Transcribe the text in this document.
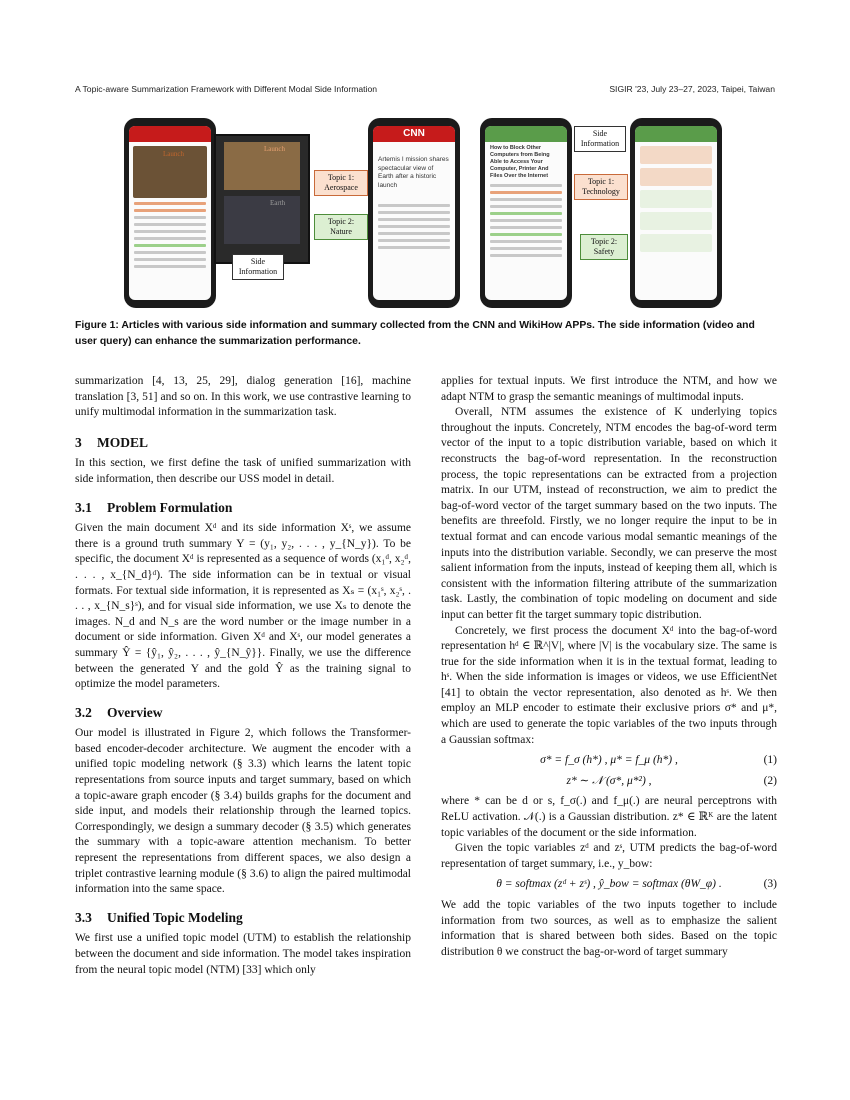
A Topic-aware Summarization Framework with Different Modal Side Information	SIGIR '23, July 23–27, 2023, Taipei, Taiwan
Launch
Launch
Earth
CNN
Artemis I mission shares spectacular view of Earth after a historic launch
How to Block Other Computers from Being Able to Access Your Computer, Printer And Files Over the Internet
Topic 1:
Aerospace
Topic 2:
Nature
Side
Information
Side
Information
Topic 1:
Technology
Topic 2:
Safety
Figure 1: Articles with various side information and summary collected from the CNN and WikiHow APPs. The side information (video and user query) can enhance the summarization performance.

summarization [4, 13, 25, 29], dialog generation [16], machine translation [3, 51] and so on. In this work, we use contrastive learning to unify multimodal information in the summarization task.

3 MODEL

In this section, we first define the task of unified summarization with side information, then describe our USS model in detail.

3.1 Problem Formulation

Given the main document Xᵈ and its side information Xˢ, we assume there is a ground truth summary Y = (y₁, y₂, . . . , y_{N_y}). To be specific, the document Xᵈ is represented as a sequence of words (x₁ᵈ, x₂ᵈ, . . . , x_{N_d}ᵈ). The side information can be in textual or visual formats. For textual side information, it is represented as Xₛ = (x₁ˢ, x₂ˢ, . . . , x_{N_s}ˢ), and for visual side information, we use Xₛ to denote the images. N_d and N_s are the word number or the image number in a document or side information. Given Xᵈ and Xˢ, our model generates a summary Ŷ = {ŷ₁, ŷ₂, . . . , ŷ_{N_ŷ}}. Finally, we use the difference between the generated Y and the gold Ŷ as the training signal to optimize the model parameters.

3.2 Overview

Our model is illustrated in Figure 2, which follows the Transformer-based encoder-decoder architecture. We augment the encoder with a unified topic modeling network (§ 3.3) which learns the latent topic representations from source inputs and target summary, based on which a topic-aware graph encoder (§ 3.4) builds graphs for the document and side input, and models their relationship through the learned topics. Correspondingly, we design a summary decoder (§ 3.5) which generates the summary with a topic-aware attention mechanism. To better represent the representations from different spaces, we also design a triplet contrastive learning module (§ 3.6) to align the paired multimodal information into the same space.

3.3 Unified Topic Modeling

We first use a unified topic model (UTM) to establish the relationship between the document and side information. The model takes inspiration from the neural topic model (NTM) [33] which only

applies for textual inputs. We first introduce the NTM, and how we adapt NTM to grasp the semantic meanings of multimodal inputs.

Overall, NTM assumes the existence of K underlying topics throughout the inputs. Concretely, NTM encodes the bag-of-word term vector of the input to a topic distribution variable, based on which it reconstructs the bag-of-word representation. In the reconstruction process, the topic representations can be extracted from a projection matrix. In our UTM, instead of reconstruction, we aim to predict the bag-of-word vector of the target summary based on the two inputs. The benefits are threefold. Firstly, we no longer require the input to be in textual format and can encode various modal semantic meanings of the inputs into the distribution variable. Secondly, we can preserve the most salient information from the inputs, instead of keeping them all, which is consistent with the information filtering attribute of the summarization task. Lastly, the combination of topic modeling on document and side input can better fit the target summary topic distribution.

Concretely, we first process the document Xᵈ into the bag-of-word representation hᵈ ∈ ℝ^|V|, where |V| is the vocabulary size. The same is true for the side information when it is in the textual format, leading to hˢ. When the side information is images or videos, we use EfficientNet [41] to obtain the vector representation, also denoted as hˢ. We then employ an MLP encoder to estimate their exclusive priors σ* and μ*, which are used to generate the topic variables of the two inputs through a Gaussian softmax:

σ* = f_σ (h*) , μ* = f_μ (h*) ,	(1)
z* ∼ 𝒩 (σ*, μ*²) ,	(2)

where * can be d or s, f_σ(.) and f_μ(.) are neural perceptrons with ReLU activation. 𝒩(.) is a Gaussian distribution. z* ∈ ℝᴷ are the latent topic variables of the document or the side information.

Given the topic variables zᵈ and zˢ, UTM predicts the bag-of-word representation of target summary, i.e., y_bow:

θ = softmax (zᵈ + zˢ) , ŷ_bow = softmax (θW_φ) .	(3)

We add the topic variables of the two inputs together to include information from two sources, as well as to emphasize the salient information that is shared between both sides. Based on the topic distribution θ we construct the bag-or-word of target summary
